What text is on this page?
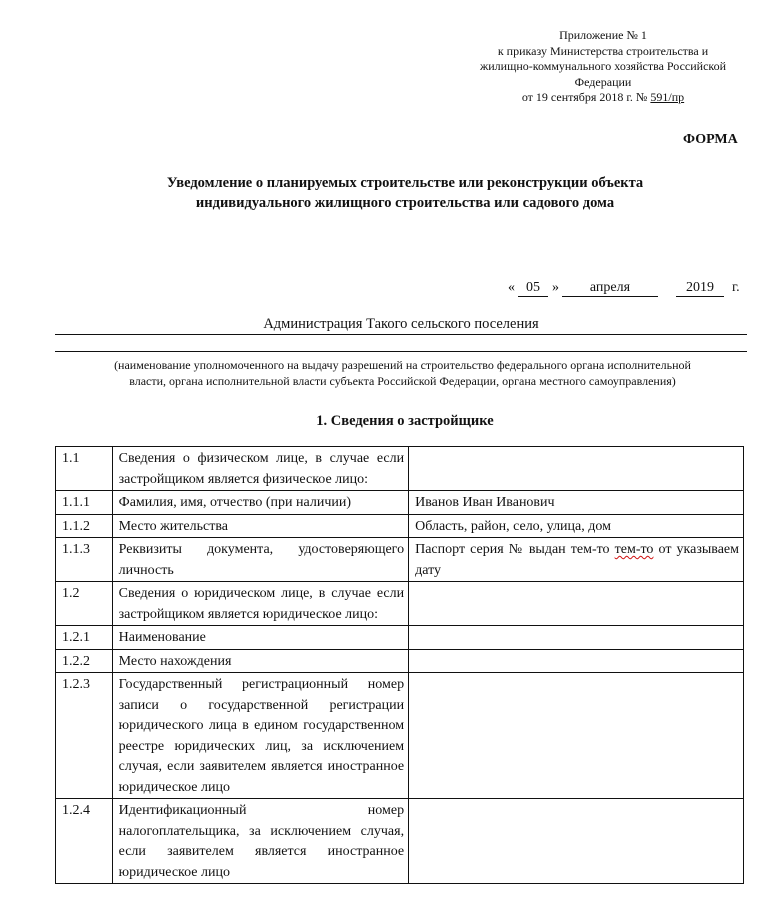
Приложение № 1
к приказу Министерства строительства и
жилищно-коммунального хозяйства Российской
Федерации
от 19 сентября 2018 г. № 591/пр
ФОРМА
Уведомление о планируемых строительстве или реконструкции объекта
индивидуального жилищного строительства или садового дома
« 05 »	апреля	2019	г.
Администрация Такого сельского поселения
(наименование уполномоченного на выдачу разрешений на строительство федерального органа исполнительной
власти, органа исполнительной власти субъекта Российской Федерации, органа местного самоуправления)
1. Сведения о застройщике
1.1	Сведения о физическом лице, в случае если застройщиком является физическое лицо:	
1.1.1	Фамилия, имя, отчество (при наличии)	Иванов Иван Иванович
1.1.2	Место жительства	Область, район, село, улица, дом
1.1.3	Реквизиты документа, удостоверяющего личность	Паспорт серия № выдан тем-то тем-то от указываем дату
1.2	Сведения о юридическом лице, в случае если застройщиком является юридическое лицо:	
1.2.1	Наименование	
1.2.2	Место нахождения	
1.2.3	Государственный регистрационный номер записи о государственной регистрации юридического лица в едином государственном реестре юридических лиц, за исключением случая, если заявителем является иностранное юридическое лицо	
1.2.4	Идентификационный номер налогоплательщика, за исключением случая, если заявителем является иностранное юридическое лицо	
